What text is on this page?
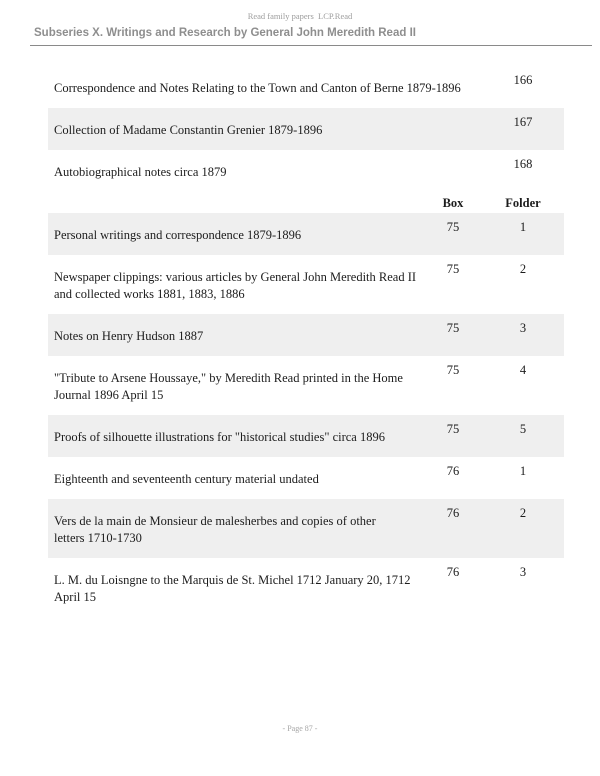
Read family papers  LCP.Read
Subseries X. Writings and Research by General John Meredith Read II
Correspondence and Notes Relating to the Town and Canton of Berne 1879-1896
166
Collection of Madame Constantin Grenier 1879-1896
167
Autobiographical notes circa 1879
168
Box	Folder
Personal writings and correspondence 1879-1896
75	1
Newspaper clippings: various articles by General John Meredith Read II
and collected works 1881, 1883, 1886
75	2
Notes on Henry Hudson 1887
75	3
"Tribute to Arsene Houssaye," by Meredith Read printed in the Home
Journal 1896 April 15
75	4
Proofs of silhouette illustrations for "historical studies" circa 1896
75	5
Eighteenth and seventeenth century material undated
76	1
Vers de la main de Monsieur de malesherbes and copies of other
letters 1710-1730
76	2
L. M. du Loisngne to the Marquis de St. Michel 1712 January 20, 1712
April 15
76	3
- Page 87 -
